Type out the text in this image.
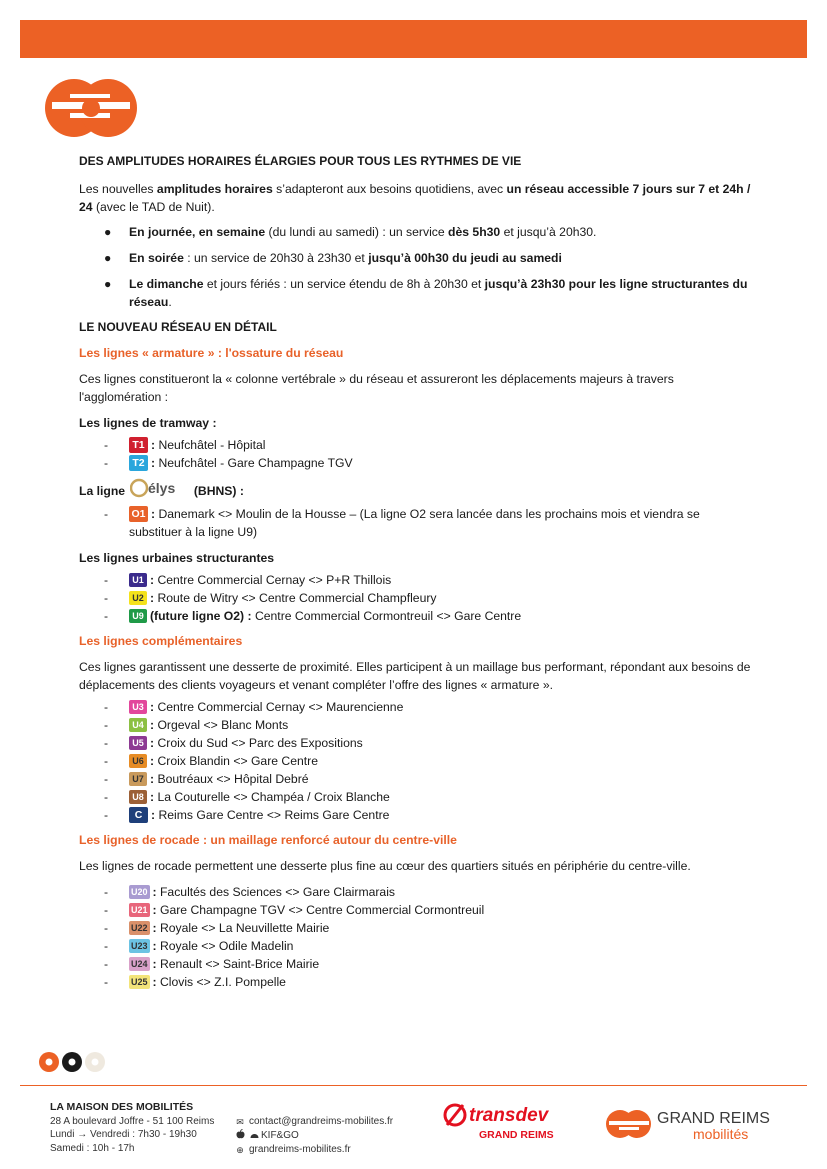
DES AMPLITUDES HORAIRES ÉLARGIES POUR TOUS LES RYTHMES DE VIE

Les nouvelles amplitudes horaires s’adapteront aux besoins quotidiens, avec un réseau accessible 7 jours sur 7 et 24h / 24 (avec le TAD de Nuit).

● En journée, en semaine (du lundi au samedi) : un service dès 5h30 et jusqu’à 20h30.
● En soirée : un service de 20h30 à 23h30 et jusqu’à 00h30 du jeudi au samedi
● Le dimanche et jours fériés : un service étendu de 8h à 20h30 et jusqu’à 23h30 pour les ligne structurantes du réseau.

LE NOUVEAU RÉSEAU EN DÉTAIL

Les lignes « armature » : l'ossature du réseau

Ces lignes constitueront la « colonne vertébrale » du réseau et assureront les déplacements majeurs à travers l'agglomération :

Les lignes de tramway :

- T1 : Neufchâtel - Hôpital
- T2 : Neufchâtel - Gare Champagne TGV

La ligne élys (BHNS) :

- O1 : Danemark <> Moulin de la Housse – (La ligne O2 sera lancée dans les prochains mois et viendra se substituer à la ligne U9)

Les lignes urbaines structurantes

-	U1 : Centre Commercial Cernay <> P+R Thillois
-	U2 : Route de Witry <> Centre Commercial Champfleury
-	U9 (future ligne O2) : Centre Commercial Cormontreuil <> Gare Centre

Les lignes complémentaires

Ces lignes garantissent une desserte de proximité. Elles participent à un maillage bus performant, répondant aux besoins de déplacements des clients voyageurs et venant compléter l’offre des lignes « armature ».

-	U3 : Centre Commercial Cernay <> Maurencienne
-	U4 : Orgeval <> Blanc Monts
-	U5 : Croix du Sud <> Parc des Expositions
-	U6 : Croix Blandin <> Gare Centre
-	U7 : Boutréaux <> Hôpital Debré
-	U8 : La Couturelle <> Champéa / Croix Blanche
-	C : Reims Gare Centre <> Reims Gare Centre

Les lignes de rocade : un maillage renforcé autour du centre-ville

Les lignes de rocade permettent une desserte plus fine au cœur des quartiers situés en périphérie du centre-ville.

-	U20 : Facultés des Sciences <> Gare Clairmarais
-	U21 : Gare Champagne TGV <> Centre Commercial Cormontreuil
-	U22 : Royale <> La Neuvillette Mairie
-	U23 : Royale <> Odile Madelin
-	U24 : Renault <> Saint-Brice Mairie
-	U25 : Clovis <> Z.I. Pompelle
LA MAISON DES MOBILITÉS
28 A boulevard Joffre - 51 100 Reims
Lundi → Vendredi : 7h30 - 19h30
Samedi : 10h - 17h
✉ contact@grandreims-mobilites.fr
KIF&GO
⊕ grandreims-mobilites.fr
transdev
GRAND REIMS
GRAND REIMS
mobilités
